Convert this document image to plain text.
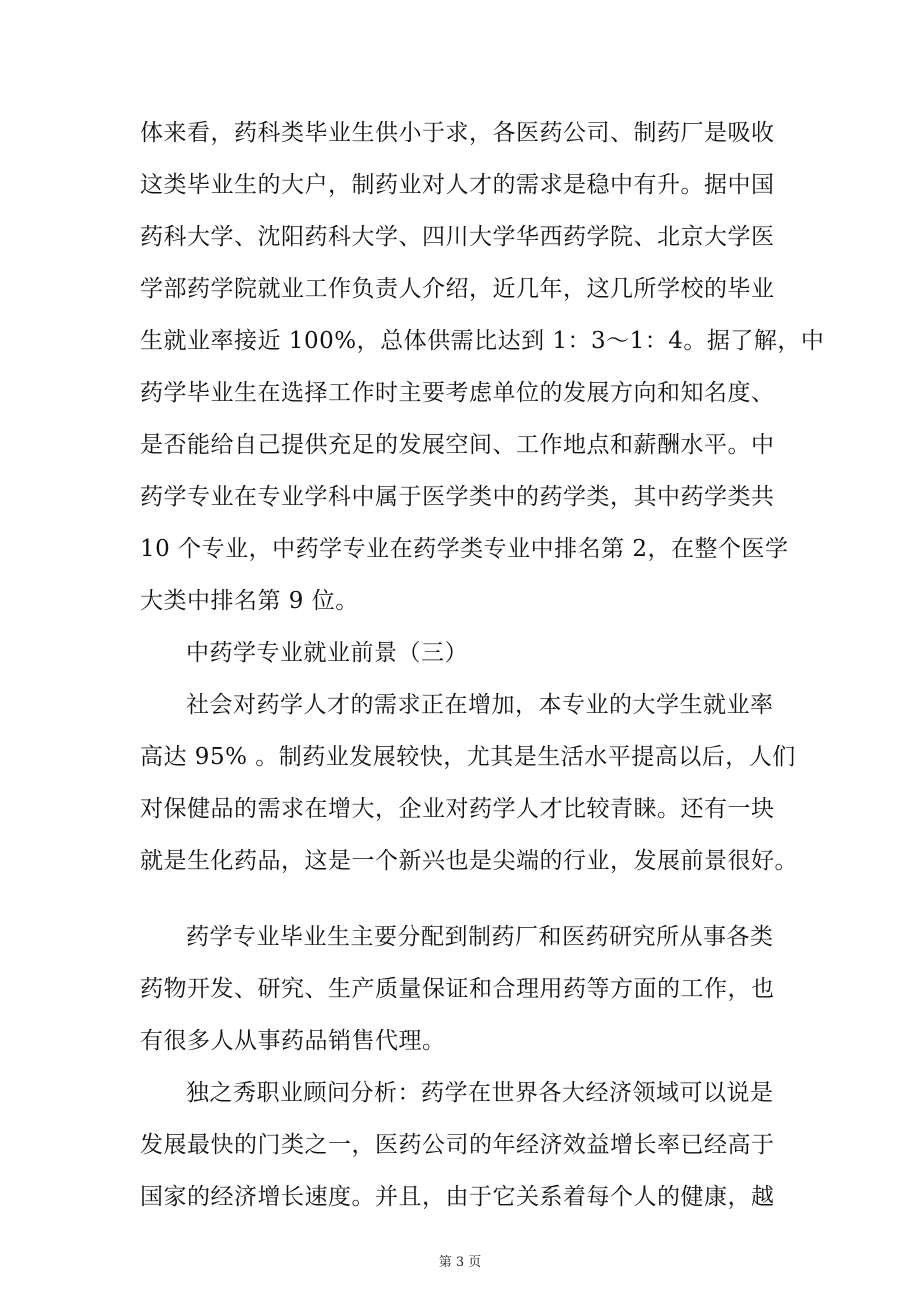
体来看，药科类毕业生供小于求，各医药公司、制药厂是吸收
这类毕业生的大户，制药业对人才的需求是稳中有升。据中国
药科大学、沈阳药科大学、四川大学华西药学院、北京大学医
学部药学院就业工作负责人介绍，近几年，这几所学校的毕业
生就业率接近 100%，总体供需比达到 1：3～1：4。据了解，中
药学毕业生在选择工作时主要考虑单位的发展方向和知名度、
是否能给自己提供充足的发展空间、工作地点和薪酬水平。中
药学专业在专业学科中属于医学类中的药学类，其中药学类共
10 个专业，中药学专业在药学类专业中排名第 2，在整个医学
大类中排名第 9 位。
中药学专业就业前景（三）
社会对药学人才的需求正在增加，本专业的大学生就业率
高达 95% 。制药业发展较快，尤其是生活水平提高以后，人们
对保健品的需求在增大，企业对药学人才比较青睐。还有一块
就是生化药品，这是一个新兴也是尖端的行业，发展前景很好。
药学专业毕业生主要分配到制药厂和医药研究所从事各类
药物开发、研究、生产质量保证和合理用药等方面的工作，也
有很多人从事药品销售代理。
独之秀职业顾问分析：药学在世界各大经济领域可以说是
发展最快的门类之一，医药公司的年经济效益增长率已经高于
国家的经济增长速度。并且，由于它关系着每个人的健康，越
第 3 页
